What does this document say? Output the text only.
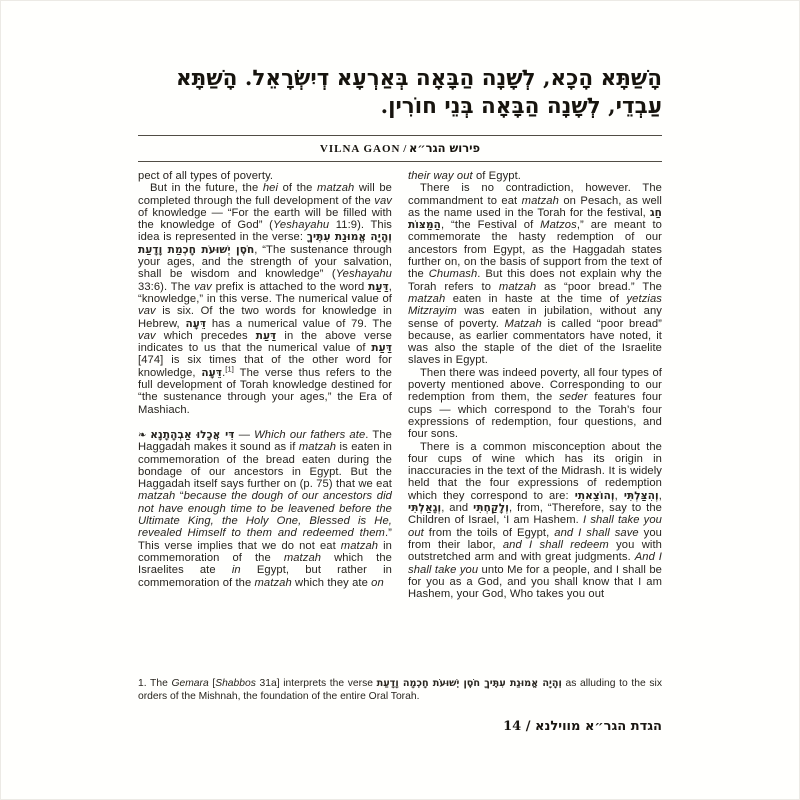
הָשַׁתָּא הָכָא, לְשָׁנָה הַבָּאָה בְּאַרְעָא דְיִשְׂרָאֵל. הָשַׁתָּא
עַבְדֵי, לְשָׁנָה הַבָּאָה בְּנֵי חוֹרִין.
VILNA GAON / פירוש הגר״א

pect of all types of poverty.

But in the future, the hei of the matzah will be completed through the full development of the vav of knowledge — “For the earth will be filled with the knowledge of God” (Yeshayahu 11:9). This idea is represented in the verse: וְהָיָה אֱמוּנַת עִתֶּיךָ חֹסֶן יְשׁוּעֹת חָכְמַת וָדָעַת, “The sustenance through your ages, and the strength of your salvation, shall be wisdom and knowledge” (Yeshayahu 33:6). The vav prefix is attached to the word דַּעַת, “knowledge,” in this verse. The numerical value of vav is six. Of the two words for knowledge in Hebrew, דֵּעָה has a numerical value of 79. The vav which precedes דַּעַת in the above verse indicates to us that the numerical value of דַּעַת [474] is six times that of the other word for knowledge, דֵּעָה.[1] The verse thus refers to the full development of Torah knowledge destined for “the sustenance through your ages,” the Era of Mashiach.

❧ דִּי אֲכָלוּ אַבְהָתָנָא — Which our fathers ate. The Haggadah makes it sound as if matzah is eaten in commemoration of the bread eaten during the bondage of our ancestors in Egypt. But the Haggadah itself says further on (p. 75) that we eat matzah “because the dough of our ancestors did not have enough time to be leavened before the Ultimate King, the Holy One, Blessed is He, revealed Himself to them and redeemed them.” This verse implies that we do not eat matzah in commemoration of the matzah which the Israelites ate in Egypt, but rather in commemoration of the matzah which they ate on

their way out of Egypt.

There is no contradiction, however. The commandment to eat matzah on Pesach, as well as the name used in the Torah for the festival, חַג הַמַּצּוֹת, “the Festival of Matzos,” are meant to commemorate the hasty redemption of our ancestors from Egypt, as the Haggadah states further on, on the basis of support from the text of the Chumash. But this does not explain why the Torah refers to matzah as “poor bread.” The matzah eaten in haste at the time of yetzias Mitzrayim was eaten in jubilation, without any sense of poverty. Matzah is called “poor bread” because, as earlier commentators have noted, it was also the staple of the diet of the Israelite slaves in Egypt.

Then there was indeed poverty, all four types of poverty mentioned above. Corresponding to our redemption from them, the seder features four cups — which correspond to the Torah’s four expressions of redemption, four questions, and four sons.

There is a common misconception about the four cups of wine which has its origin in inaccuracies in the text of the Midrash. It is widely held that the four expressions of redemption which they correspond to are: וְהוֹצֵאתִי, וְהִצַּלְתִּי, וְגָאַלְתִּי, and וְלָקַחְתִּי, from, “Therefore, say to the Children of Israel, ‘I am Hashem. I shall take you out from the toils of Egypt, and I shall save you from their labor, and I shall redeem you with outstretched arm and with great judgments. And I shall take you unto Me for a people, and I shall be for you as a God, and you shall know that I am Hashem, your God, Who takes you out

1. The Gemara [Shabbos 31a] interprets the verse וְהָיָה אֱמוּנַת עִתֶּיךָ חֹסֶן יְשׁוּעֹת חָכְמָה וָדָעַת as alluding to the six orders of the Mishnah, the foundation of the entire Oral Torah.

הגדת הגר״א מווילנא / 14
